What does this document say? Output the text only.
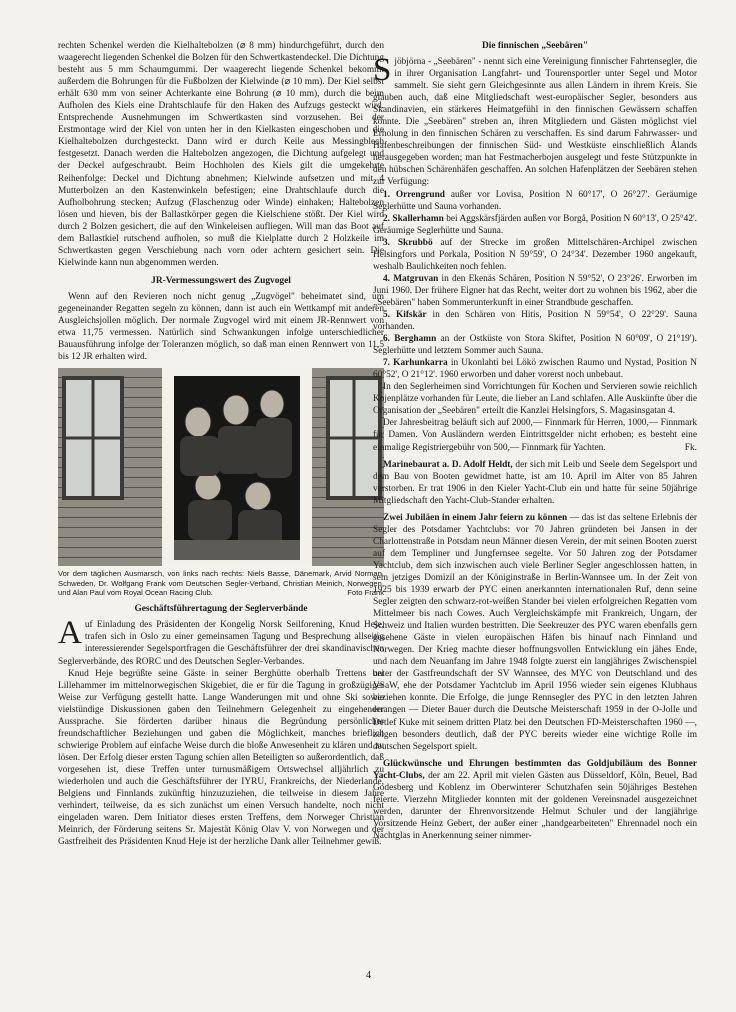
rechten Schenkel werden die Kielhaltebolzen (⌀ 8 mm) hindurchgeführt, durch den waagerecht liegenden Schenkel die Bolzen für den Schwertkastendeckel. Die Dichtung besteht aus 5 mm Schaumgummi. Der waagerecht liegende Schenkel bekommt außerdem die Bohrungen für die Fußbolzen der Kielwinde (⌀ 10 mm). Der Kiel selbst erhält 630 mm von seiner Achterkante eine Bohrung (⌀ 10 mm), durch die beim Aufholen des Kiels eine Drahtschlaufe für den Haken des Aufzugs gesteckt wird. Entsprechende Ausnehmungen im Schwertkasten sind vorzusehen. Bei der Erstmontage wird der Kiel von unten her in den Kielkasten eingeschoben und die Kielhaltebolzen durchgesteckt. Dann wird er durch Keile aus Messingblech festgesetzt. Danach werden die Haltebolzen angezogen, die Dichtung aufgelegt und der Deckel aufgeschraubt. Beim Hochholen des Kiels gilt die umgekehrte Reihenfolge: Deckel und Dichtung abnehmen; Kielwinde aufsetzen und mit 4 Mutterbolzen an den Kastenwinkeln befestigen; eine Drahtschlaufe durch die Aufholbohrung stecken; Aufzug (Flaschenzug oder Winde) einhaken; Haltebolzen lösen und hieven, bis der Ballastkörper gegen die Kielschiene stößt. Der Kiel wird durch 2 Bolzen gesichert, die auf den Winkeleisen aufliegen. Will man das Boot auf dem Ballastkiel rutschend aufholen, so muß die Kielplatte durch 2 Holzkeile im Schwertkasten gegen Verschiebung nach vorn oder achtern gesichert sein. Die Kielwinde kann nun abgenommen werden.

JR-Vermessungswert des Zugvogel

Wenn auf den Revieren noch nicht genug „Zugvögel" beheimatet sind, um gegeneinander Regatten segeln zu können, dann ist auch ein Wettkampf mit anderen Ausgleichsjollen möglich. Der normale Zugvogel wird mit einem JR-Rennwert von etwa 11,75 vermessen. Natürlich sind Schwankungen infolge unterschiedlicher Bauausführung infolge der Toleranzen möglich, so daß man einen Rennwert von 11,5 bis 12 JR erhalten wird.

Vor dem täglichen Ausmarsch, von links nach rechts: Niels Basse, Dänemark, Arvid Norman, Schweden, Dr. Wolfgang Frank vom Deutschen Segler-Verband, Christian Meinich, Norwegen, und Alan Paul vom Royal Ocean Racing Club.	Foto Frank
Geschäftsführertagung der Seglerverbände

Auf Einladung des Präsidenten der Kongelig Norsk Seilforening, Knud Heje, trafen sich in Oslo zu einer gemeinsamen Tagung und Besprechung allseitig interessierender Segelsportfragen die Geschäftsführer der drei skandinavischen Seglerverbände, des RORC und des Deutschen Segler-Verbandes.

Knud Heje begrüßte seine Gäste in seiner Berghütte oberhalb Trettens bei Lillehammer im mittelnorwegischen Skigebiet, die er für die Tagung in großzügiger Weise zur Verfügung gestellt hatte. Lange Wanderungen mit und ohne Ski sowie vielstündige Diskussionen gaben den Teilnehmern Gelegenheit zu eingehender Aussprache. Sie förderten darüber hinaus die Begründung persönlicher freundschaftlicher Beziehungen und gaben die Möglichkeit, manches brieflich schwierige Problem auf einfache Weise durch die bloße Anwesenheit zu klären und zu lösen. Der Erfolg dieser ersten Tagung schien allen Beteiligten so außerordentlich, daß vorgesehen ist, diese Treffen unter turnusmäßigem Ortswechsel alljährlich zu wiederholen und auch die Geschäftsführer der IYRU, Frankreichs, der Niederlande, Belgiens und Finnlands zukünftig hinzuzuziehen, die teilweise in diesem Jahre verhindert, teilweise, da es sich zunächst um einen Versuch handelte, noch nicht eingeladen waren. Dem Initiator dieses ersten Treffens, dem Norweger Christian Meinrich, der Förderung seitens Sr. Majestät König Olav V. von Norwegen und der Gastfreiheit des Präsidenten Knud Heje ist der herzliche Dank aller Teilnehmer gewiß.

Die finnischen „Seebären"

Sjöbjörna - „Seebären" - nennt sich eine Vereinigung finnischer Fahrtensegler, die in ihrer Organisation Langfahrt- und Tourensportler unter Segel und Motor sammelt. Sie sieht gern Gleichgesinnte aus allen Ländern in ihrem Kreis. Sie glauben auch, daß eine Mitgliedschaft west-europäischer Segler, besonders aus Skandinavien, ein stärkeres Heimatgefühl in den finnischen Gewässern schaffen könnte. Die „Seebären" streben an, ihren Mitgliedern und Gästen möglichst viel Erholung in den finnischen Schären zu verschaffen. Es sind darum Fahrwasser- und Hafenbeschreibungen der finnischen Süd- und Westküste einschließlich Ålands herausgegeben worden; man hat Festmacherbojen ausgelegt und feste Stützpunkte in den hübschen Schärenhäfen geschaffen. An solchen Hafenplätzen der Seebären stehen zur Verfügung:

1. Orrengrund außer vor Lovisa, Position N 60°17', O 26°27'. Geräumige Seglerhütte und Sauna vorhanden.
2. Skallerhamn bei Aggskärsfjärden außen vor Borgå, Position N 60°13', O 25°42'. Geräumige Seglerhütte und Sauna.
3. Skrubbö auf der Strecke im großen Mittelschären-Archipel zwischen Helsingfors und Porkala, Position N 59°59', O 24°34'. Dezember 1960 angekauft, weshalb Baulichkeiten noch fehlen.
4. Matgruvan in den Ekenäs Schären, Position N 59°52', O 23°26'. Erworben im Juni 1960. Der frühere Eigner hat das Recht, weiter dort zu wohnen bis 1962, aber die „Seebären" haben Sommerunterkunft in einer Strandbude geschaffen.
5. Kifskär in den Schären von Hitis, Position N 59°54', O 22°29'. Sauna vorhanden.
6. Berghamn an der Ostküste von Stora Skiftet, Position N 60°09', O 21°19'). Seglerhütte und letztem Sommer auch Sauna.
7. Karhunkarra in Ukonlahti bei Lökö zwischen Raumo und Nystad, Position N 60°52', O 21°12'. 1960 erworben und daher vorerst noch unbebaut.

In den Seglerheimen sind Vorrichtungen für Kochen und Servieren sowie reichlich Kojenplätze vorhanden für Leute, die lieber an Land schlafen. Alle Auskünfte über die Organisation der „Seebären" erteilt die Kanzlei Helsingfors, S. Magasinsgatan 4.

Der Jahresbeitrag beläuft sich auf 2000,— Finnmark für Herren, 1000,— Finnmark für Damen. Von Ausländern werden Eintrittsgelder nicht erhoben; es besteht eine einmalige Registriergebühr von 500,— Finnmark für Yachten.	Fk.

Marinebaurat a. D. Adolf Heldt, der sich mit Leib und Seele dem Segelsport und dem Bau von Booten gewidmet hatte, ist am 10. April im Alter von 85 Jahren verstorben. Er trat 1906 in den Kieler Yacht-Club ein und hatte für seine 50jährige Mitgliedschaft den Yacht-Club-Stander erhalten.

Zwei Jubiläen in einem Jahr feiern zu können — das ist das seltene Erlebnis der Segler des Potsdamer Yachtclubs: vor 70 Jahren gründeten bei Jansen in der Charlottenstraße in Potsdam neun Männer diesen Verein, der mit seinen Booten zuerst auf dem Templiner und Jungfernsee segelte. Vor 50 Jahren zog der Potsdamer Yachtclub, dem sich inzwischen auch viele Berliner Segler angeschlossen hatten, in sein jetziges Domizil an der Königinstraße in Berlin-Wannsee um. In der Zeit von 1925 bis 1939 erwarb der PYC einen anerkannten internationalen Ruf, denn seine Segler zeigten den schwarz-rot-weißen Stander bei vielen erfolgreichen Regatten vom Mittelmeer bis nach Cowes. Auch Vergleichskämpfe mit Frankreich, Ungarn, der Schweiz und Italien wurden bestritten. Die Seekreuzer des PYC waren ebenfalls gern gesehene Gäste in vielen europäischen Häfen bis hinauf nach Finnland und Norwegen. Der Krieg machte dieser hoffnungsvollen Entwicklung ein jähes Ende, und nach dem Neuanfang im Jahre 1948 folgte zuerst ein langjähriges Zwischenspiel unter der Gastfreundschaft der SV Wannsee, des MYC von Deutschland und des VSaW, ehe der Potsdamer Yachtclub im April 1956 wieder sein eigenes Klubhaus beziehen konnte. Die Erfolge, die junge Rennsegler des PYC in den letzten Jahren errangen — Dieter Bauer durch die Deutsche Meisterschaft 1959 in der O-Jolle und Detlef Kuke mit seinem dritten Platz bei den Deutschen FD-Meisterschaften 1960 —, zeigen besonders deutlich, daß der PYC bereits wieder eine wichtige Rolle im deutschen Segelsport spielt.

Glückwünsche und Ehrungen bestimmten das Goldjubiläum des Bonner Yacht-Clubs, der am 22. April mit vielen Gästen aus Düsseldorf, Köln, Beuel, Bad Godesberg und Koblenz im Oberwinterer Schutzhafen sein 50jähriges Bestehen feierte. Vierzehn Mitglieder konnten mit der goldenen Vereinsnadel ausgezeichnet werden, darunter der Ehrenvorsitzende Helmut Schuler und der langjährige Vorsitzende Heinz Gebert, der außer einer „handgearbeiteten" Ehrennadel noch ein Nachtglas in Anerkennung seiner nimmer-

4
